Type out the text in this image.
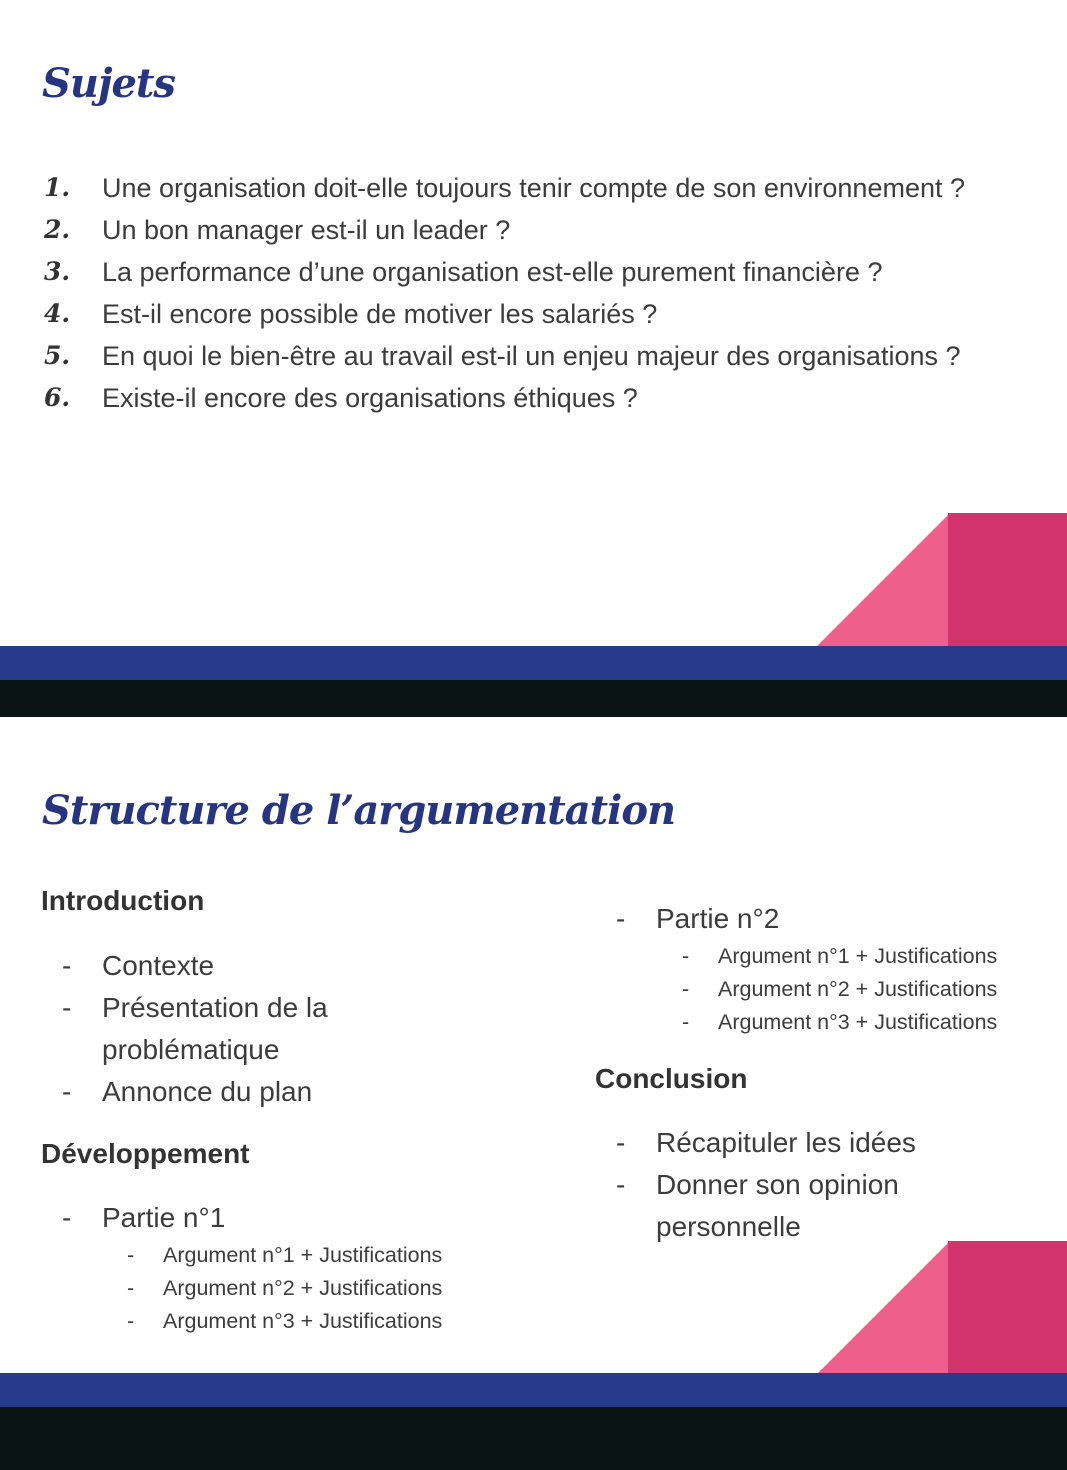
Sujets
1.	Une organisation doit-elle toujours tenir compte de son environnement ?
2.	Un bon manager est-il un leader ?
3.	La performance d’une organisation est-elle purement financière ?
4.	Est-il encore possible de motiver les salariés ?
5.	En quoi le bien-être au travail est-il un enjeu majeur des organisations ?
6.	Existe-il encore des organisations éthiques ?
Structure de l’argumentation
Introduction
- Contexte
- Présentation de la
problématique
- Annonce du plan
Développement
- Partie n°1
- Argument n°1 + Justifications
- Argument n°2 + Justifications
- Argument n°3 + Justifications
- Partie n°2
- Argument n°1 + Justifications
- Argument n°2 + Justifications
- Argument n°3 + Justifications
Conclusion
- Récapituler les idées
- Donner son opinion
personnelle
